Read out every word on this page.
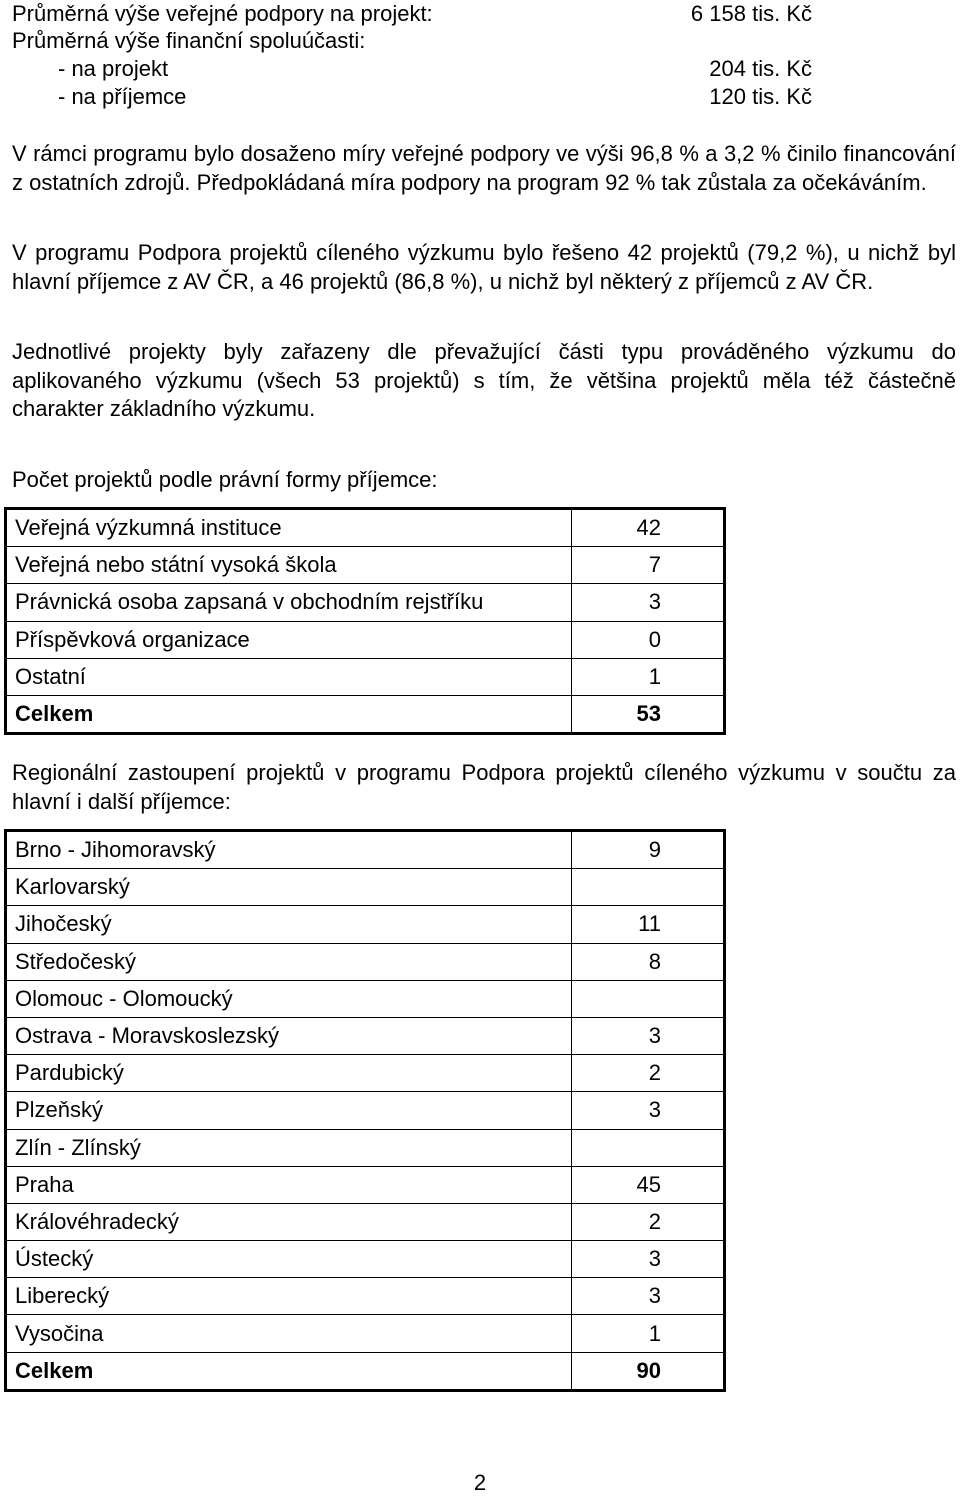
Průměrná výše veřejné podpory na projekt:	6 158 tis. Kč
Průměrná výše finanční spoluúčasti:
- na projekt	204 tis. Kč
- na příjemce	120 tis. Kč

V rámci programu bylo dosaženo míry veřejné podpory ve výši 96,8 % a 3,2 % činilo financování z ostatních zdrojů. Předpokládaná míra podpory na program 92 % tak zůstala za očekáváním.

V programu Podpora projektů cíleného výzkumu bylo řešeno 42 projektů (79,2 %), u nichž byl hlavní příjemce z AV ČR, a 46 projektů (86,8 %), u nichž byl některý z příjemců z AV ČR.

Jednotlivé projekty byly zařazeny dle převažující části typu prováděného výzkumu do aplikovaného výzkumu (všech 53 projektů) s tím, že většina projektů měla též částečně charakter základního výzkumu.

Počet projektů podle právní formy příjemce:

Veřejná výzkumná instituce	42
Veřejná nebo státní vysoká škola	7
Právnická osoba zapsaná v obchodním rejstříku	3
Příspěvková organizace	0
Ostatní	1
Celkem	53

Regionální zastoupení projektů v programu Podpora projektů cíleného výzkumu v součtu za hlavní i další příjemce:

Brno - Jihomoravský	9
Karlovarský	
Jihočeský	11
Středočeský	8
Olomouc - Olomoucký	
Ostrava - Moravskoslezský	3
Pardubický	2
Plzeňský	3
Zlín - Zlínský	
Praha	45
Královéhradecký	2
Ústecký	3
Liberecký	3
Vysočina	1
Celkem	90
2
